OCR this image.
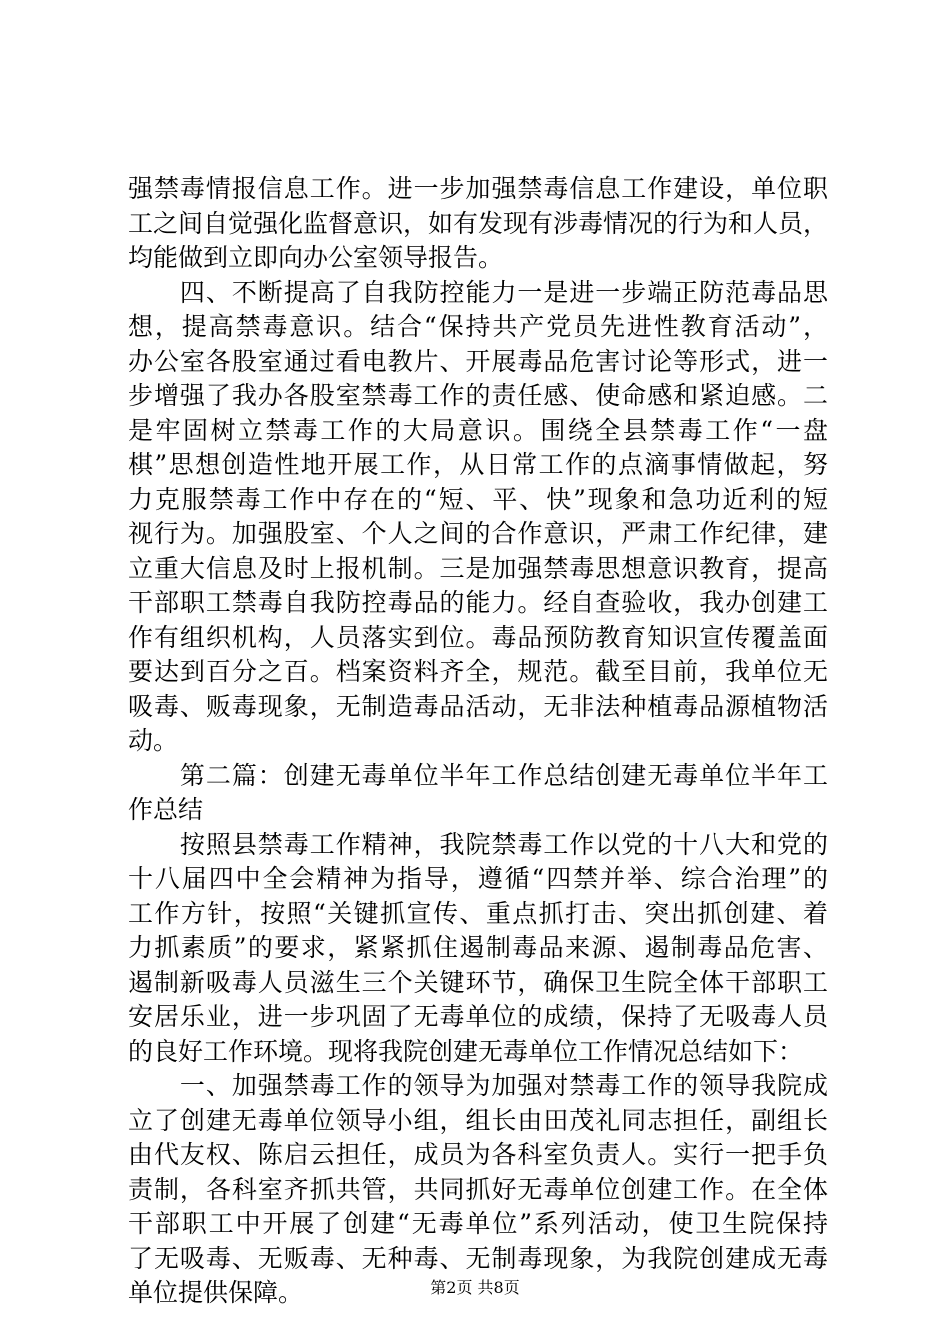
强禁毒情报信息工作。进一步加强禁毒信息工作建设，单位职
工之间自觉强化监督意识，如有发现有涉毒情况的行为和人员，
均能做到立即向办公室领导报告。
　　四、不断提高了自我防控能力一是进一步端正防范毒品思
想，提高禁毒意识。结合“保持共产党员先进性教育活动”，
办公室各股室通过看电教片、开展毒品危害讨论等形式，进一
步增强了我办各股室禁毒工作的责任感、使命感和紧迫感。二
是牢固树立禁毒工作的大局意识。围绕全县禁毒工作“一盘
棋”思想创造性地开展工作，从日常工作的点滴事情做起，努
力克服禁毒工作中存在的“短、平、快”现象和急功近利的短
视行为。加强股室、个人之间的合作意识，严肃工作纪律，建
立重大信息及时上报机制。三是加强禁毒思想意识教育，提高
干部职工禁毒自我防控毒品的能力。经自查验收，我办创建工
作有组织机构，人员落实到位。毒品预防教育知识宣传覆盖面
要达到百分之百。档案资料齐全，规范。截至目前，我单位无
吸毒、贩毒现象，无制造毒品活动，无非法种植毒品源植物活
动。
　　第二篇：创建无毒单位半年工作总结创建无毒单位半年工
作总结
　　按照县禁毒工作精神，我院禁毒工作以党的十八大和党的
十八届四中全会精神为指导，遵循“四禁并举、综合治理”的
工作方针，按照“关键抓宣传、重点抓打击、突出抓创建、着
力抓素质”的要求，紧紧抓住遏制毒品来源、遏制毒品危害、
遏制新吸毒人员滋生三个关键环节，确保卫生院全体干部职工
安居乐业，进一步巩固了无毒单位的成绩，保持了无吸毒人员
的良好工作环境。现将我院创建无毒单位工作情况总结如下：
　　一、加强禁毒工作的领导为加强对禁毒工作的领导我院成
立了创建无毒单位领导小组，组长由田茂礼同志担任，副组长
由代友权、陈启云担任，成员为各科室负责人。实行一把手负
责制，各科室齐抓共管，共同抓好无毒单位创建工作。在全体
干部职工中开展了创建“无毒单位”系列活动，使卫生院保持
了无吸毒、无贩毒、无种毒、无制毒现象，为我院创建成无毒
单位提供保障。	第2页 共8页
